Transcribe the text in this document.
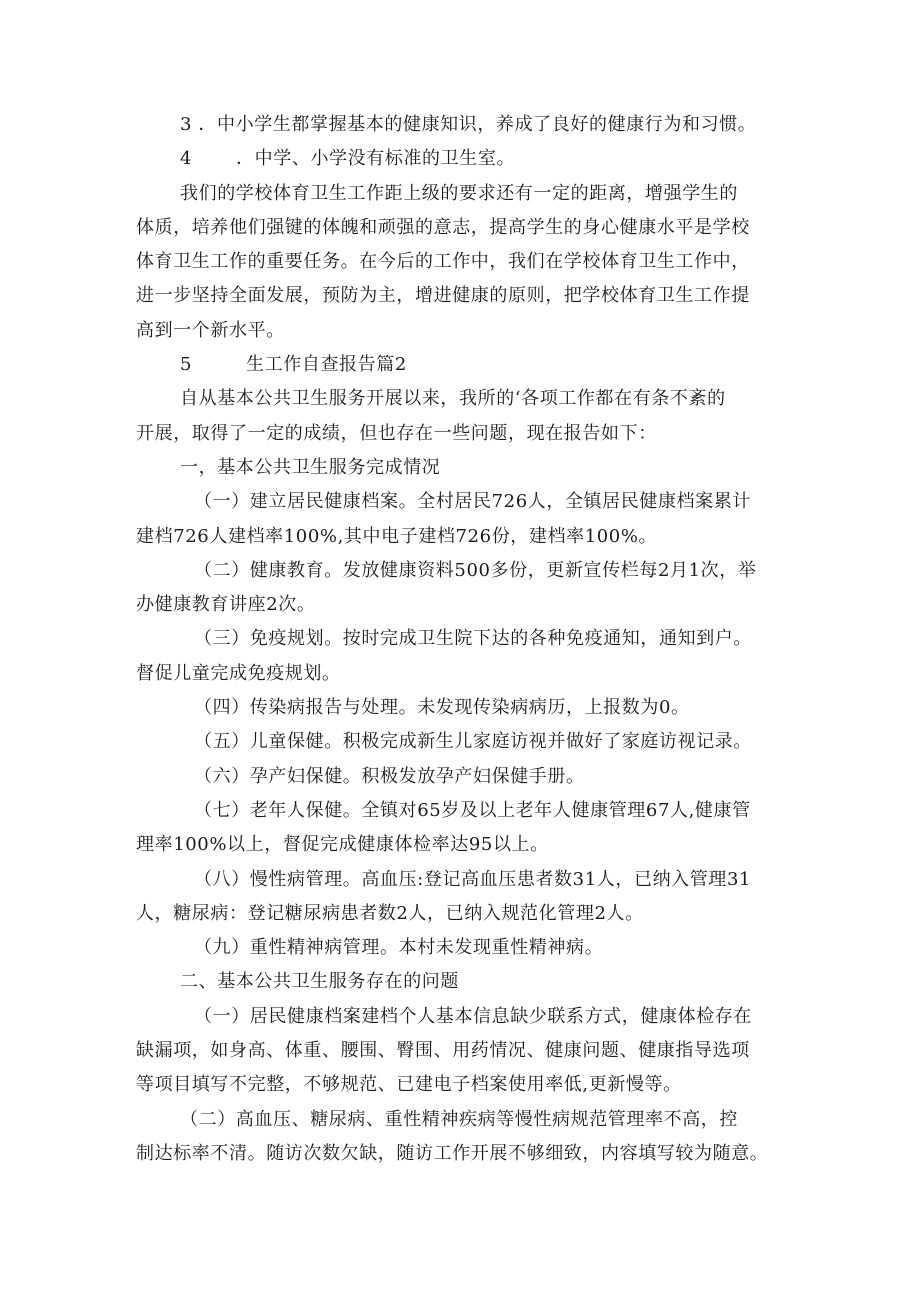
3 ．中小学生都掌握基本的健康知识，养成了良好的健康行为和习惯。

4 ．中学、小学没有标准的卫生室。

我们的学校体育卫生工作距上级的要求还有一定的距离，增强学生的

体质，培养他们强键的体魄和顽强的意志，提高学生的身心健康水平是学校

体育卫生工作的重要任务。在今后的工作中，我们在学校体育卫生工作中，

进一步坚持全面发展，预防为主，增进健康的原则，把学校体育卫生工作提

高到一个新水平。

5	生工作自查报告篇2

自从基本公共卫生服务开展以来，我所的‘各项工作都在有条不紊的

开展，取得了一定的成绩，但也存在一些问题，现在报告如下：

一，基本公共卫生服务完成情况

（一）建立居民健康档案。全村居民726人，全镇居民健康档案累计

建档726人建档率100%,其中电子建档726份，建档率100%。

（二）健康教育。发放健康资料500多份，更新宣传栏每2月1次，举

办健康教育讲座2次。

（三）免疫规划。按时完成卫生院下达的各种免疫通知，通知到户。

督促儿童完成免疫规划。

（四）传染病报告与处理。未发现传染病病历，上报数为0。

（五）儿童保健。积极完成新生儿家庭访视并做好了家庭访视记录。

（六）孕产妇保健。积极发放孕产妇保健手册。

（七）老年人保健。全镇对65岁及以上老年人健康管理67人,健康管

理率100%以上，督促完成健康体检率达95以上。

（八）慢性病管理。高血压:登记高血压患者数31人，已纳入管理31

人，糖尿病：登记糖尿病患者数2人，已纳入规范化管理2人。

（九）重性精神病管理。本村未发现重性精神病。

二、基本公共卫生服务存在的问题

（一）居民健康档案建档个人基本信息缺少联系方式，健康体检存在

缺漏项，如身高、体重、腰围、臀围、用药情况、健康问题、健康指导选项

等项目填写不完整，不够规范、已建电子档案使用率低,更新慢等。

（二）高血压、糖尿病、重性精神疾病等慢性病规范管理率不高，控

制达标率不清。随访次数欠缺，随访工作开展不够细致，内容填写较为随意。
